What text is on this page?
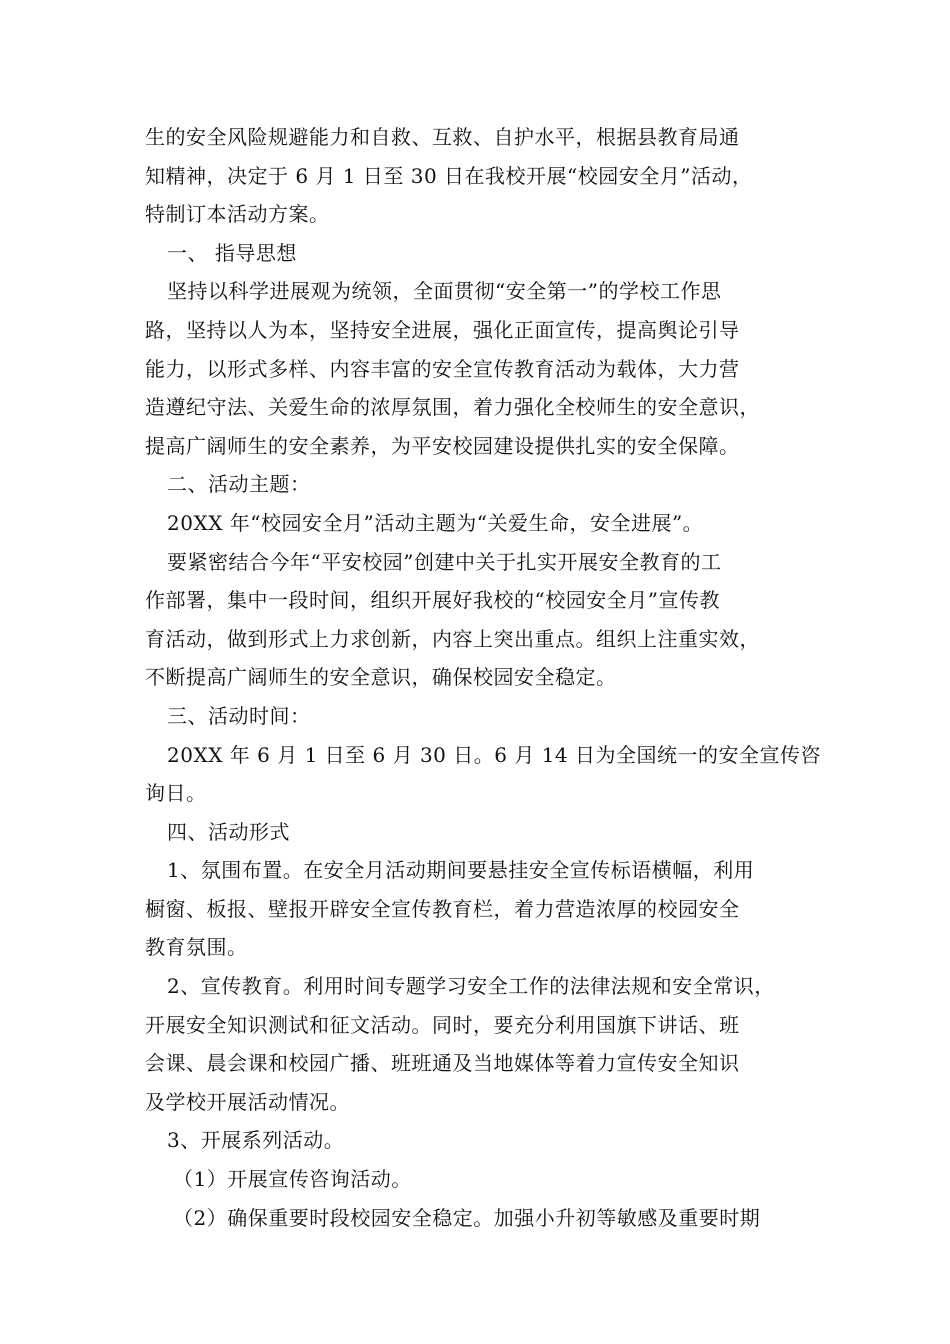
生的安全风险规避能力和自救、互救、自护水平，根据县教育局通

知精神，决定于 6 月 1 日至 30 日在我校开展“校园安全月”活动，

特制订本活动方案。

一、 指导思想

坚持以科学进展观为统领，全面贯彻“安全第一”的学校工作思

路，坚持以人为本，坚持安全进展，强化正面宣传，提高舆论引导

能力，以形式多样、内容丰富的安全宣传教育活动为载体，大力营

造遵纪守法、关爱生命的浓厚氛围，着力强化全校师生的安全意识，

提高广阔师生的安全素养，为平安校园建设提供扎实的安全保障。

二、活动主题：

20XX 年“校园安全月”活动主题为“关爱生命，安全进展”。

要紧密结合今年“平安校园”创建中关于扎实开展安全教育的工

作部署，集中一段时间，组织开展好我校的“校园安全月”宣传教

育活动，做到形式上力求创新，内容上突出重点。组织上注重实效，

不断提高广阔师生的安全意识，确保校园安全稳定。

三、活动时间：

20XX 年 6 月 1 日至 6 月 30 日。6 月 14 日为全国统一的安全宣传咨

询日。

四、活动形式

1、氛围布置。在安全月活动期间要悬挂安全宣传标语横幅，利用

橱窗、板报、壁报开辟安全宣传教育栏，着力营造浓厚的校园安全

教育氛围。

2、宣传教育。利用时间专题学习安全工作的法律法规和安全常识，

开展安全知识测试和征文活动。同时，要充分利用国旗下讲话、班

会课、晨会课和校园广播、班班通及当地媒体等着力宣传安全知识

及学校开展活动情况。

3、开展系列活动。

（1）开展宣传咨询活动。

（2）确保重要时段校园安全稳定。加强小升初等敏感及重要时期
